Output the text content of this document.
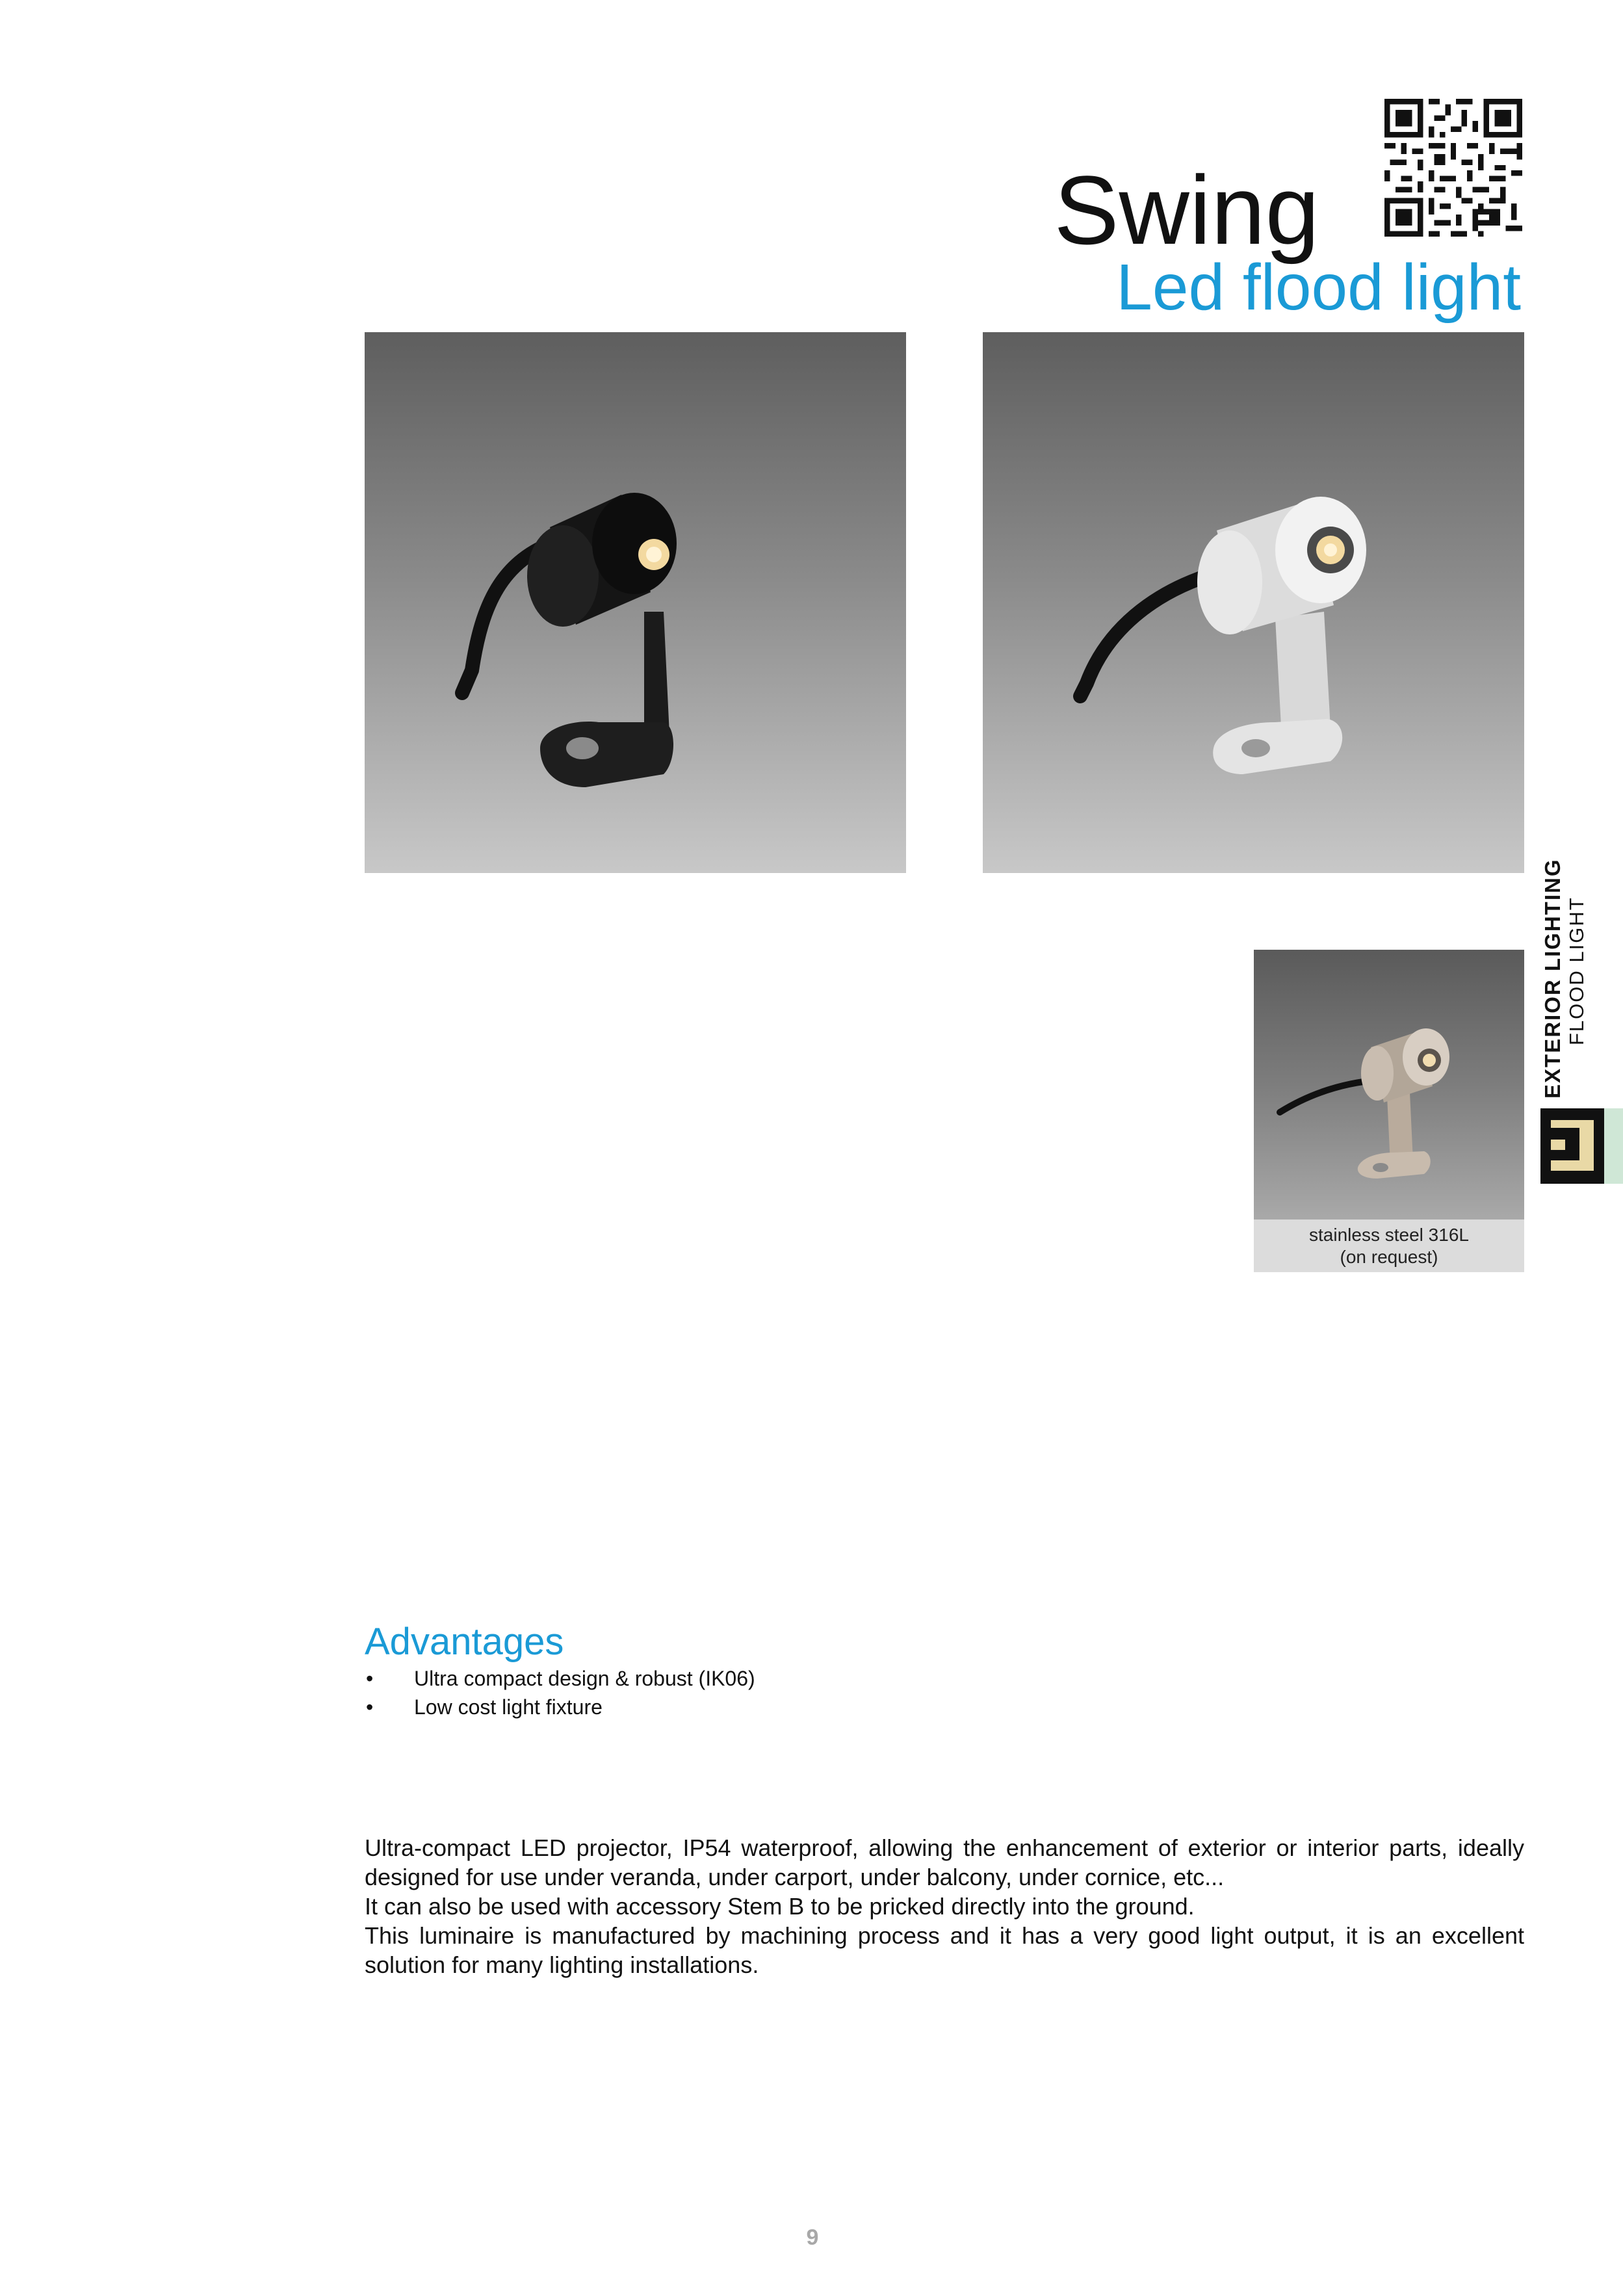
Swing
Led flood light
stainless steel 316L
(on request)
EXTERIOR LIGHTING FLOOD LIGHT
Advantages
• Ultra compact design & robust (IK06)
• Low cost light fixture

Ultra-compact LED projector, IP54 waterproof, allowing the enhancement of exterior or interior parts, ideally designed for use under veranda, under carport, under balcony, under cornice, etc...

It can also be used with accessory Stem B to be pricked directly into the ground.

This luminaire is manufactured by machining process and it has a very good light output, it is an excellent solution for many lighting installations.

9
